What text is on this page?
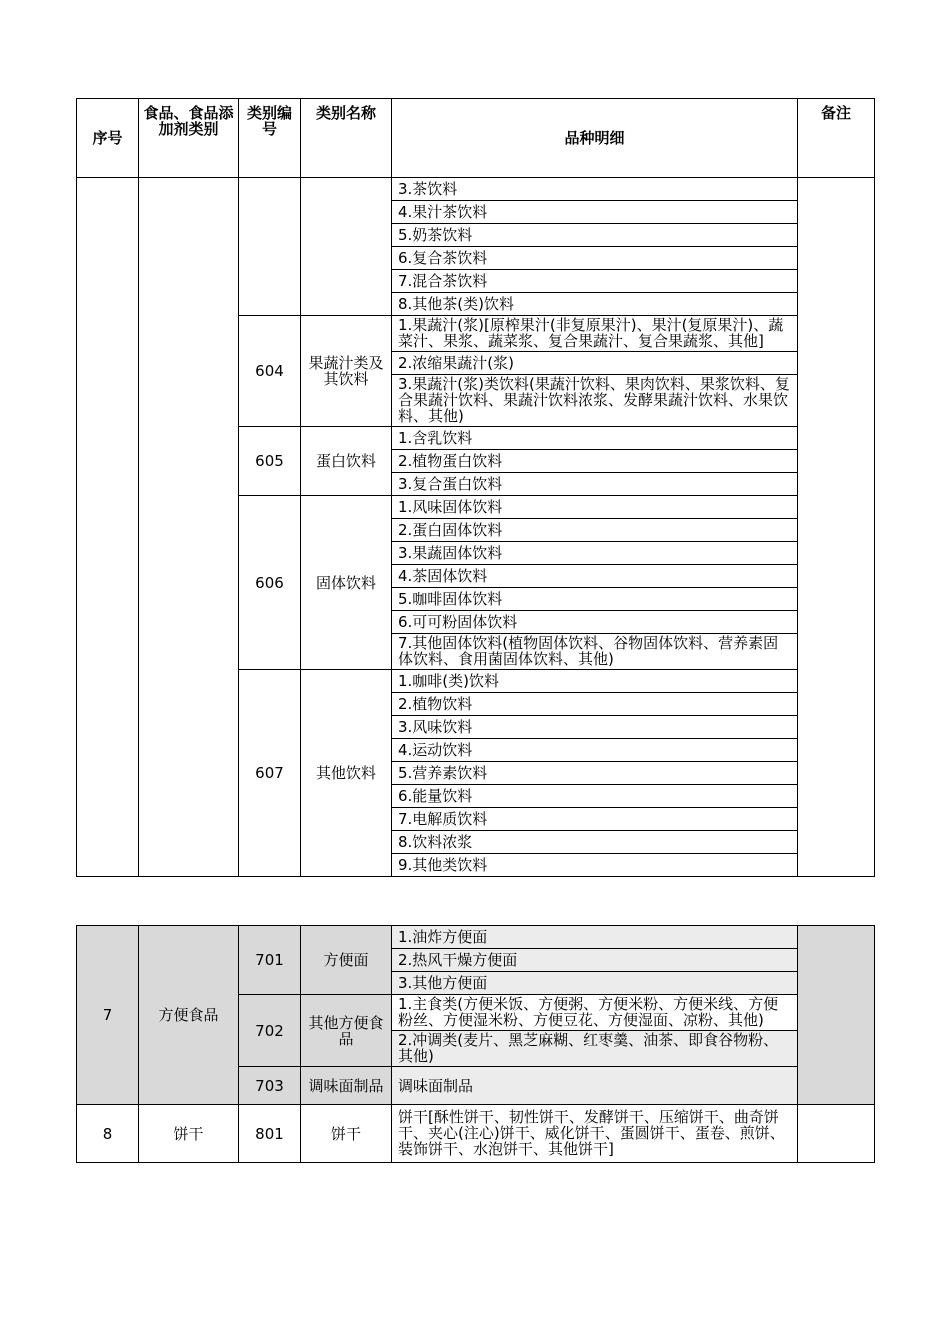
序号	食品、食品添加剂类别	类别编号	类别名称	品种明细	备注
				3.茶饮料	
				4.果汁茶饮料	
				5.奶茶饮料	
				6.复合茶饮料	
				7.混合茶饮料	
				8.其他茶(类)饮料	
		604	果蔬汁类及其饮料	1.果蔬汁(浆)[原榨果汁(非复原果汁)、果汁(复原果汁)、蔬菜汁、果浆、蔬菜浆、复合果蔬汁、复合果蔬浆、其他]	
				2.浓缩果蔬汁(浆)	
				3.果蔬汁(浆)类饮料(果蔬汁饮料、果肉饮料、果浆饮料、复合果蔬汁饮料、果蔬汁饮料浓浆、发酵果蔬汁饮料、水果饮料、其他)	
		605	蛋白饮料	1.含乳饮料	
				2.植物蛋白饮料	
				3.复合蛋白饮料	
		606	固体饮料	1.风味固体饮料	
				2.蛋白固体饮料	
				3.果蔬固体饮料	
				4.茶固体饮料	
				5.咖啡固体饮料	
				6.可可粉固体饮料	
				7.其他固体饮料(植物固体饮料、谷物固体饮料、营养素固体饮料、食用菌固体饮料、其他)	
		607	其他饮料	1.咖啡(类)饮料	
				2.植物饮料	
				3.风味饮料	
				4.运动饮料	
				5.营养素饮料	
				6.能量饮料	
				7.电解质饮料	
				8.饮料浓浆	
				9.其他类饮料	
7	方便食品	701	方便面	1.油炸方便面	
				2.热风干燥方便面	
				3.其他方便面	
		702	其他方便食品	1.主食类(方便米饭、方便粥、方便米粉、方便米线、方便粉丝、方便湿米粉、方便豆花、方便湿面、凉粉、其他)	
				2.冲调类(麦片、黑芝麻糊、红枣羹、油茶、即食谷物粉、其他)	
		703	调味面制品	调味面制品	
8	饼干	801	饼干	饼干[酥性饼干、韧性饼干、发酵饼干、压缩饼干、曲奇饼干、夹心(注心)饼干、威化饼干、蛋圆饼干、蛋卷、煎饼、装饰饼干、水泡饼干、其他饼干]	
